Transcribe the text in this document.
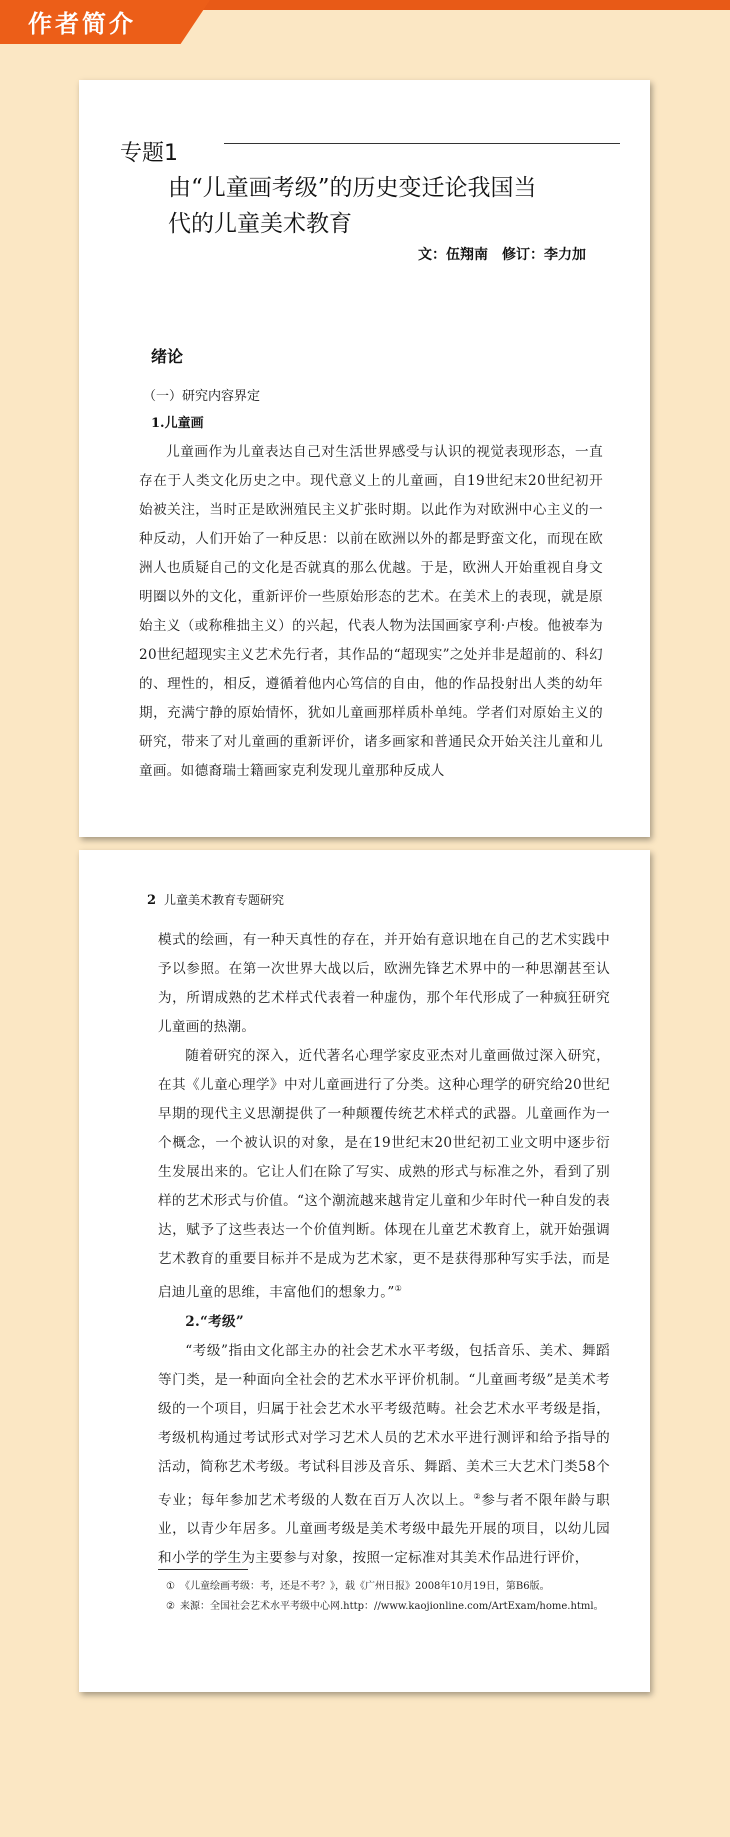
作者简介
专题1
由“儿童画考级”的历史变迁论我国当
代的儿童美术教育
文：伍翔南 修订：李力加
绪论
（一）研究内容界定
1.儿童画

儿童画作为儿童表达自己对生活世界感受与认识的视觉表现形态，一直存在于人类文化历史之中。现代意义上的儿童画，自19世纪末20世纪初开始被关注，当时正是欧洲殖民主义扩张时期。以此作为对欧洲中心主义的一种反动，人们开始了一种反思：以前在欧洲以外的都是野蛮文化，而现在欧洲人也质疑自己的文化是否就真的那么优越。于是，欧洲人开始重视自身文明圈以外的文化，重新评价一些原始形态的艺术。在美术上的表现，就是原始主义（或称稚拙主义）的兴起，代表人物为法国画家亨利·卢梭。他被奉为20世纪超现实主义艺术先行者，其作品的“超现实”之处并非是超前的、科幻的、理性的，相反，遵循着他内心笃信的自由，他的作品投射出人类的幼年期，充满宁静的原始情怀，犹如儿童画那样质朴单纯。学者们对原始主义的研究，带来了对儿童画的重新评价，诸多画家和普通民众开始关注儿童和儿童画。如德裔瑞士籍画家克利发现儿童那种反成人

2 儿童美术教育专题研究

模式的绘画，有一种天真性的存在，并开始有意识地在自己的艺术实践中予以参照。在第一次世界大战以后，欧洲先锋艺术界中的一种思潮甚至认为，所谓成熟的艺术样式代表着一种虚伪，那个年代形成了一种疯狂研究儿童画的热潮。

随着研究的深入，近代著名心理学家皮亚杰对儿童画做过深入研究，在其《儿童心理学》中对儿童画进行了分类。这种心理学的研究给20世纪早期的现代主义思潮提供了一种颠覆传统艺术样式的武器。儿童画作为一个概念，一个被认识的对象，是在19世纪末20世纪初工业文明中逐步衍生发展出来的。它让人们在除了写实、成熟的形式与标准之外，看到了别样的艺术形式与价值。“这个潮流越来越肯定儿童和少年时代一种自发的表达，赋予了这些表达一个价值判断。体现在儿童艺术教育上，就开始强调艺术教育的重要目标并不是成为艺术家，更不是获得那种写实手法，而是启迪儿童的思维，丰富他们的想象力。”①

2.“考级”

“考级”指由文化部主办的社会艺术水平考级，包括音乐、美术、舞蹈等门类，是一种面向全社会的艺术水平评价机制。“儿童画考级”是美术考级的一个项目，归属于社会艺术水平考级范畴。社会艺术水平考级是指，考级机构通过考试形式对学习艺术人员的艺术水平进行测评和给予指导的活动，简称艺术考级。考试科目涉及音乐、舞蹈、美术三大艺术门类58个专业；每年参加艺术考级的人数在百万人次以上。②参与者不限年龄与职业，以青少年居多。儿童画考级是美术考级中最先开展的项目，以幼儿园和小学的学生为主要参与对象，按照一定标准对其美术作品进行评价，

① 《儿童绘画考级：考，还是不考？》，载《广州日报》2008年10月19日，第B6版。
② 来源：全国社会艺术水平考级中心网.http：//www.kaojionline.com/ArtExam/home.html。
